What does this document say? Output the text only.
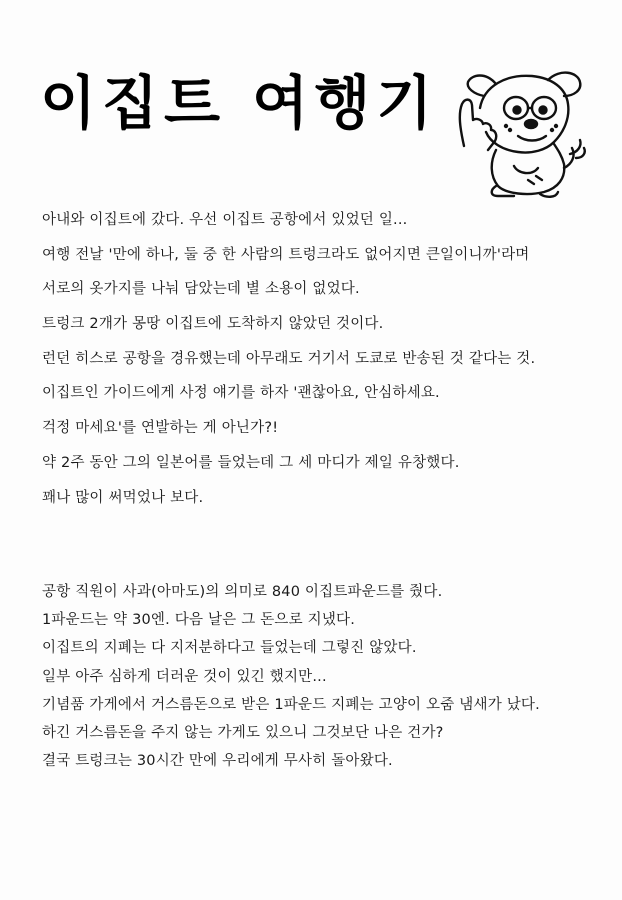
이집트 여행기
아내와 이집트에 갔다. 우선 이집트 공항에서 있었던 일...
여행 전날 '만에 하나, 둘 중 한 사람의 트렁크라도 없어지면 큰일이니까'라며
서로의 옷가지를 나눠 담았는데 별 소용이 없었다.
트렁크 2개가 몽땅 이집트에 도착하지 않았던 것이다.
런던 히스로 공항을 경유했는데 아무래도 거기서 도쿄로 반송된 것 같다는 것.
이집트인 가이드에게 사정 얘기를 하자 '괜찮아요, 안심하세요.
걱정 마세요'를 연발하는 게 아닌가?!
약 2주 동안 그의 일본어를 들었는데 그 세 마디가 제일 유창했다.
꽤나 많이 써먹었나 보다.
공항 직원이 사과(아마도)의 의미로 840 이집트파운드를 줬다.
1파운드는 약 30엔. 다음 날은 그 돈으로 지냈다.
이집트의 지폐는 다 지저분하다고 들었는데 그렇진 않았다.
일부 아주 심하게 더러운 것이 있긴 했지만...
기념품 가게에서 거스름돈으로 받은 1파운드 지폐는 고양이 오줌 냄새가 났다.
하긴 거스름돈을 주지 않는 가게도 있으니 그것보단 나은 건가?
결국 트렁크는 30시간 만에 우리에게 무사히 돌아왔다.
